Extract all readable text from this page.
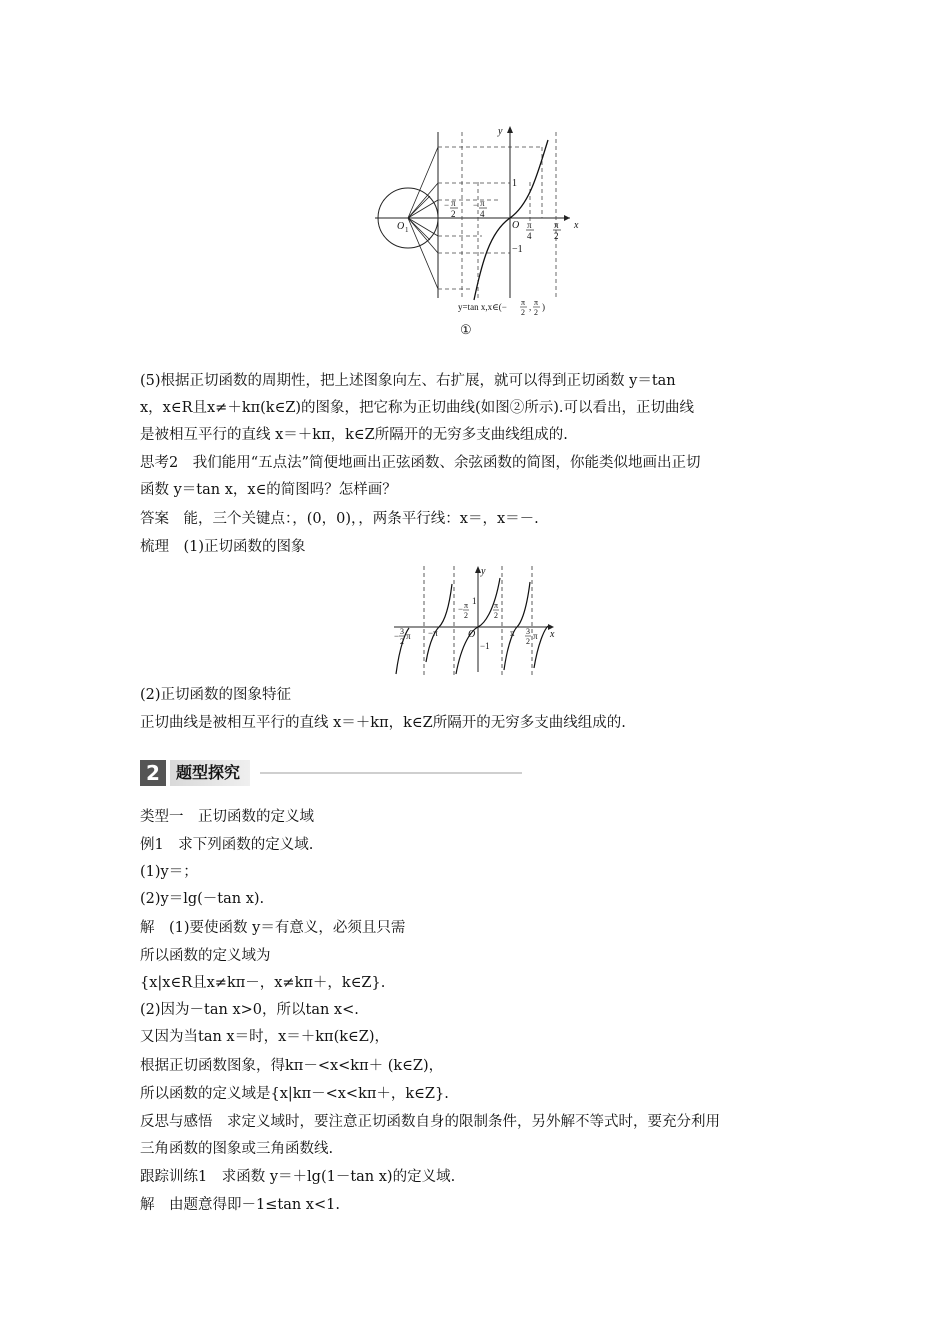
y
x
O 1	O
1
−1
− π
2
− π
4
π
4
π
2
y=tan x,x∈(− π
2
, π
2
)
①
(5)根据正切函数的周期性，把上述图象向左、右扩展，就可以得到正切函数 y＝tan
x，x∈R且x≠＋kπ(k∈Z)的图象，把它称为正切曲线(如图②所示).可以看出，正切曲线
是被相互平行的直线 x＝＋kπ，k∈Z所隔开的无穷多支曲线组成的.
思考2　我们能用“五点法”简便地画出正弦函数、余弦函数的简图，你能类似地画出正切
函数 y＝tan x，x∈的简图吗？怎样画？
答案　能，三个关键点：，(0，0)，，两条平行线：x＝，x＝－.
梳理　(1)正切函数的图象
y
x
O
1
−1
−π	π
− 3
2
π
− π
2
π
2
3
2
π
(2)正切函数的图象特征
正切曲线是被相互平行的直线 x＝＋kπ，k∈Z所隔开的无穷多支曲线组成的.
2	题型探究
类型一　正切函数的定义域
例1　求下列函数的定义域.
(1)y＝；
(2)y＝lg(－tan x).
解　(1)要使函数 y＝有意义，必须且只需
所以函数的定义域为
{x|x∈R且x≠kπ－，x≠kπ＋，k∈Z}.
(2)因为－tan x>0，所以tan x<.
又因为当tan x＝时，x＝＋kπ(k∈Z)，
根据正切函数图象，得kπ－<x<kπ＋ (k∈Z)，
所以函数的定义域是{x|kπ－<x<kπ＋，k∈Z}.
反思与感悟　求定义域时，要注意正切函数自身的限制条件，另外解不等式时，要充分利用
三角函数的图象或三角函数线.
跟踪训练1　求函数 y＝＋lg(1－tan x)的定义域.
解　由题意得即－1≤tan x<1.
